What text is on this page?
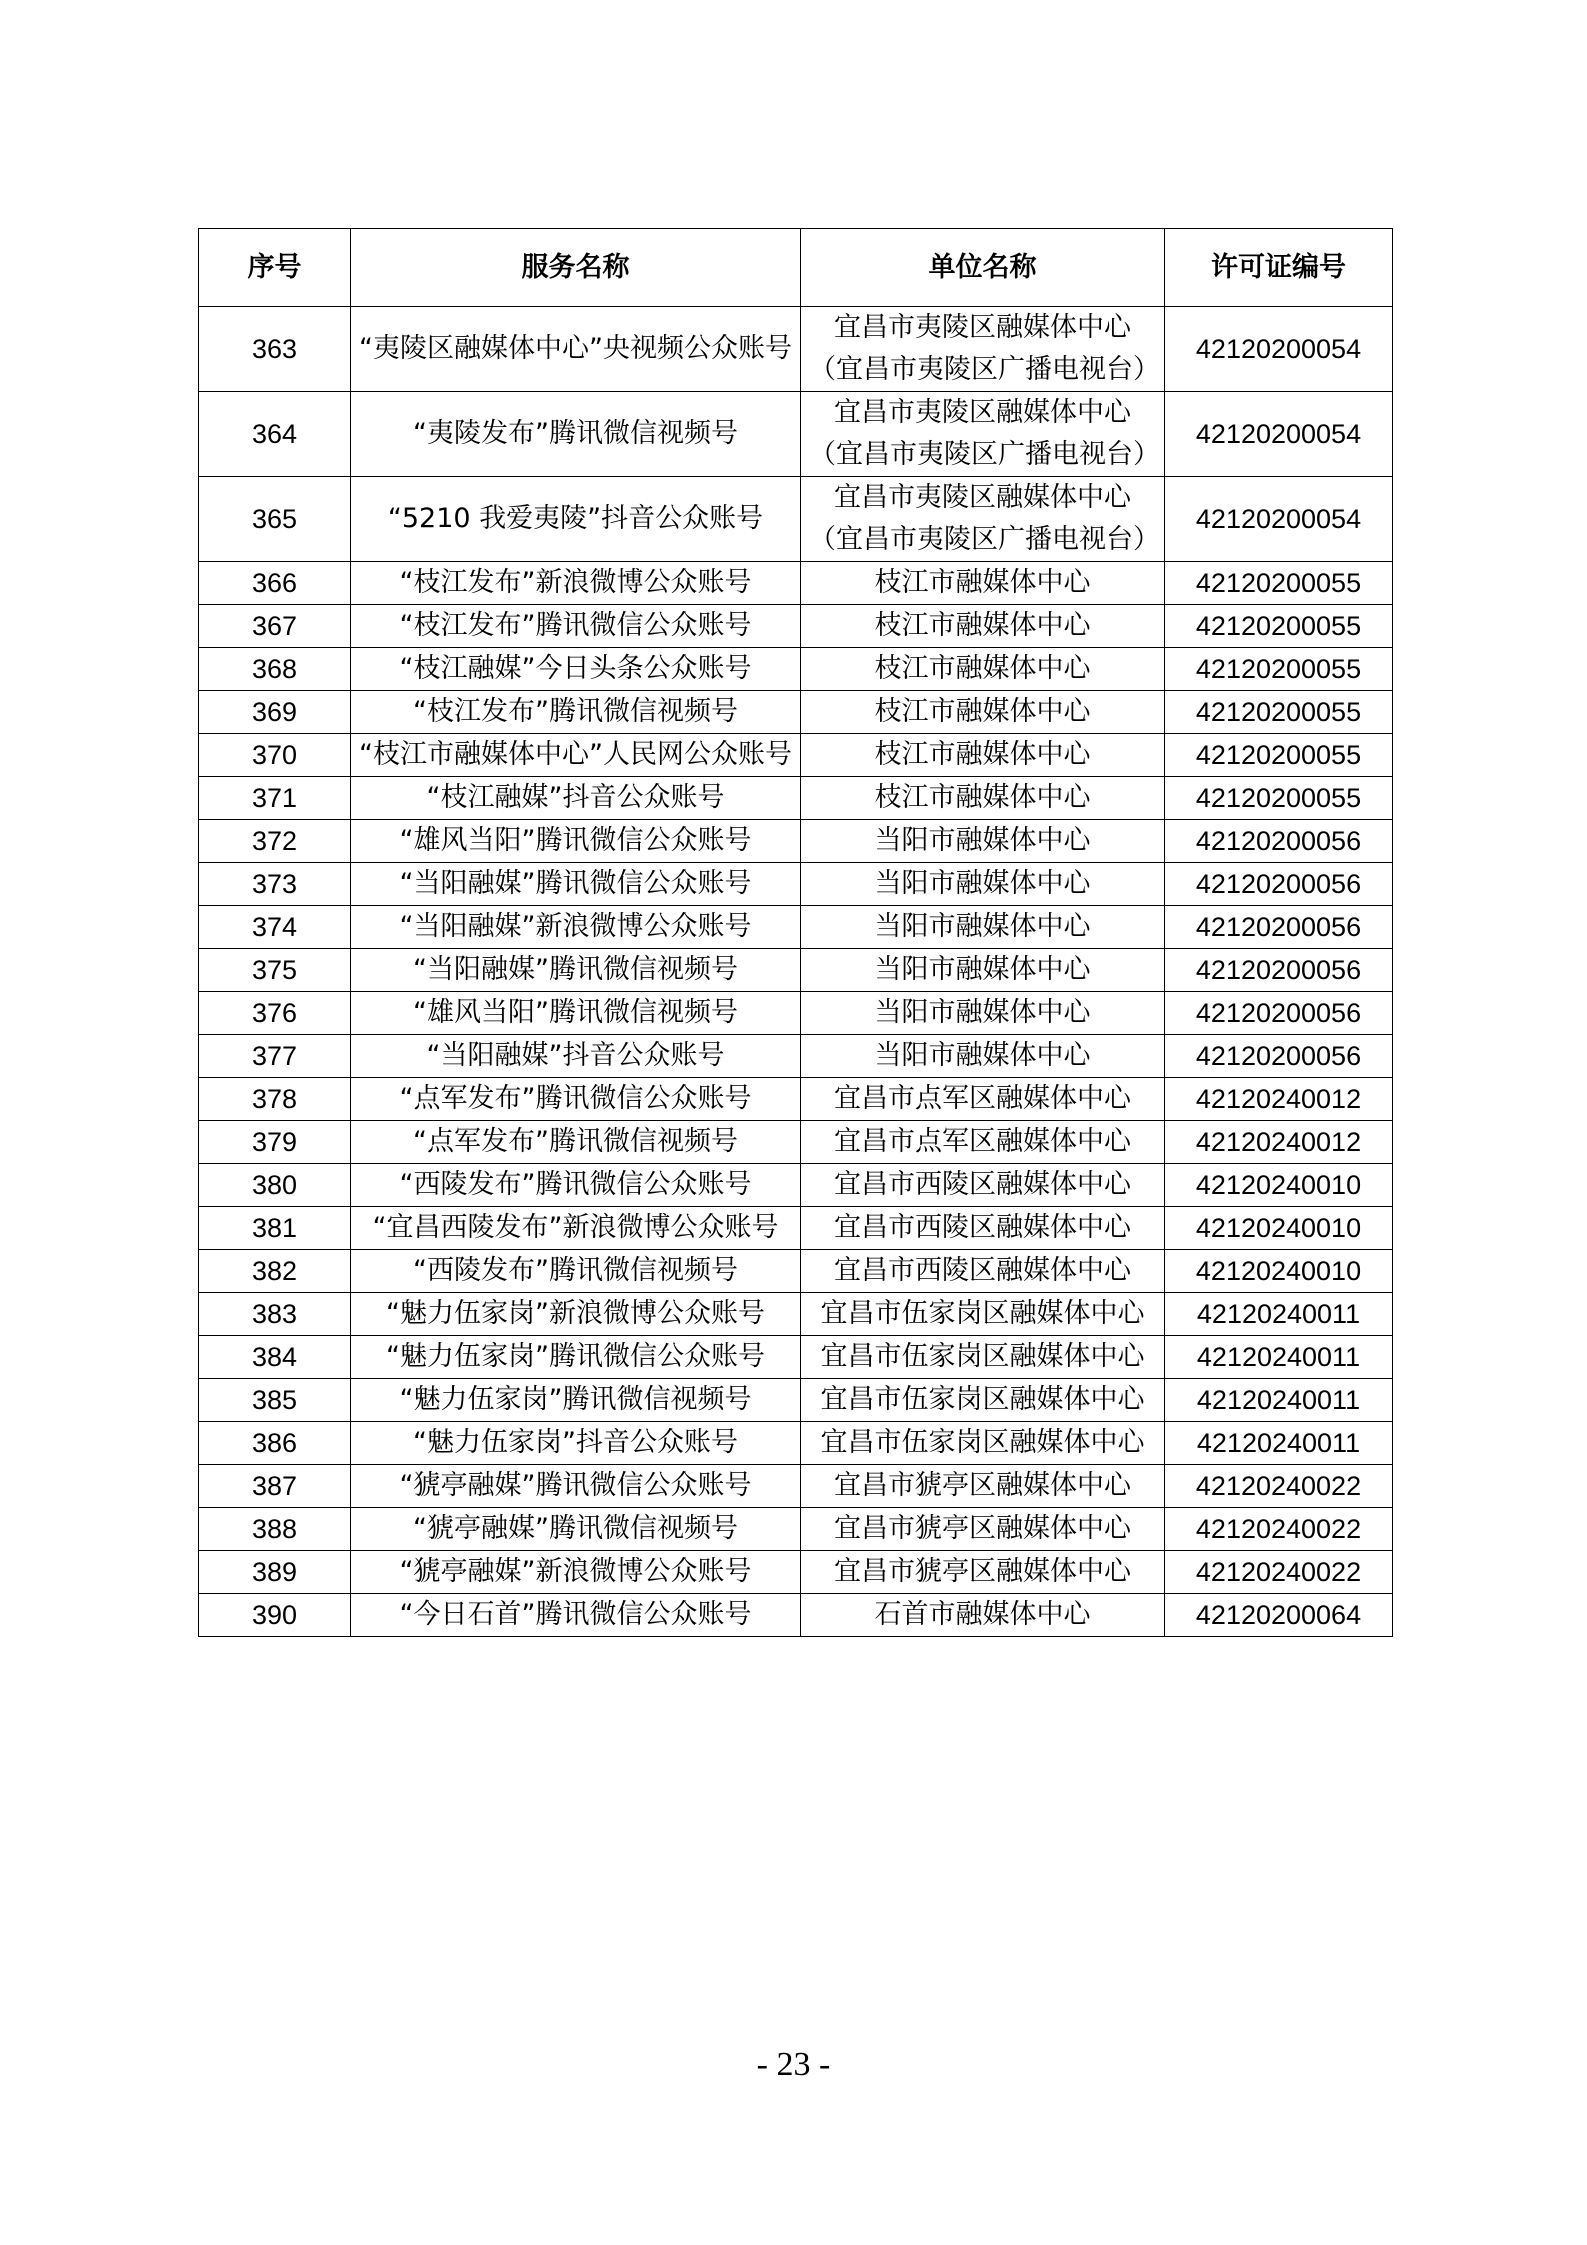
序号	服务名称	单位名称	许可证编号
363	“夷陵区融媒体中心”央视频公众账号	宜昌市夷陵区融媒体中心（宜昌市夷陵区广播电视台）	42120200054
364	“夷陵发布”腾讯微信视频号	宜昌市夷陵区融媒体中心（宜昌市夷陵区广播电视台）	42120200054
365	“5210 我爱夷陵”抖音公众账号	宜昌市夷陵区融媒体中心（宜昌市夷陵区广播电视台）	42120200054
366	“枝江发布”新浪微博公众账号	枝江市融媒体中心	42120200055
367	“枝江发布”腾讯微信公众账号	枝江市融媒体中心	42120200055
368	“枝江融媒”今日头条公众账号	枝江市融媒体中心	42120200055
369	“枝江发布”腾讯微信视频号	枝江市融媒体中心	42120200055
370	“枝江市融媒体中心”人民网公众账号	枝江市融媒体中心	42120200055
371	“枝江融媒”抖音公众账号	枝江市融媒体中心	42120200055
372	“雄风当阳”腾讯微信公众账号	当阳市融媒体中心	42120200056
373	“当阳融媒”腾讯微信公众账号	当阳市融媒体中心	42120200056
374	“当阳融媒”新浪微博公众账号	当阳市融媒体中心	42120200056
375	“当阳融媒”腾讯微信视频号	当阳市融媒体中心	42120200056
376	“雄风当阳”腾讯微信视频号	当阳市融媒体中心	42120200056
377	“当阳融媒”抖音公众账号	当阳市融媒体中心	42120200056
378	“点军发布”腾讯微信公众账号	宜昌市点军区融媒体中心	42120240012
379	“点军发布”腾讯微信视频号	宜昌市点军区融媒体中心	42120240012
380	“西陵发布”腾讯微信公众账号	宜昌市西陵区融媒体中心	42120240010
381	“宜昌西陵发布”新浪微博公众账号	宜昌市西陵区融媒体中心	42120240010
382	“西陵发布”腾讯微信视频号	宜昌市西陵区融媒体中心	42120240010
383	“魅力伍家岗”新浪微博公众账号	宜昌市伍家岗区融媒体中心	42120240011
384	“魅力伍家岗”腾讯微信公众账号	宜昌市伍家岗区融媒体中心	42120240011
385	“魅力伍家岗”腾讯微信视频号	宜昌市伍家岗区融媒体中心	42120240011
386	“魅力伍家岗”抖音公众账号	宜昌市伍家岗区融媒体中心	42120240011
387	“猇亭融媒”腾讯微信公众账号	宜昌市猇亭区融媒体中心	42120240022
388	“猇亭融媒”腾讯微信视频号	宜昌市猇亭区融媒体中心	42120240022
389	“猇亭融媒”新浪微博公众账号	宜昌市猇亭区融媒体中心	42120240022
390	“今日石首”腾讯微信公众账号	石首市融媒体中心	42120200064
- 23 -
